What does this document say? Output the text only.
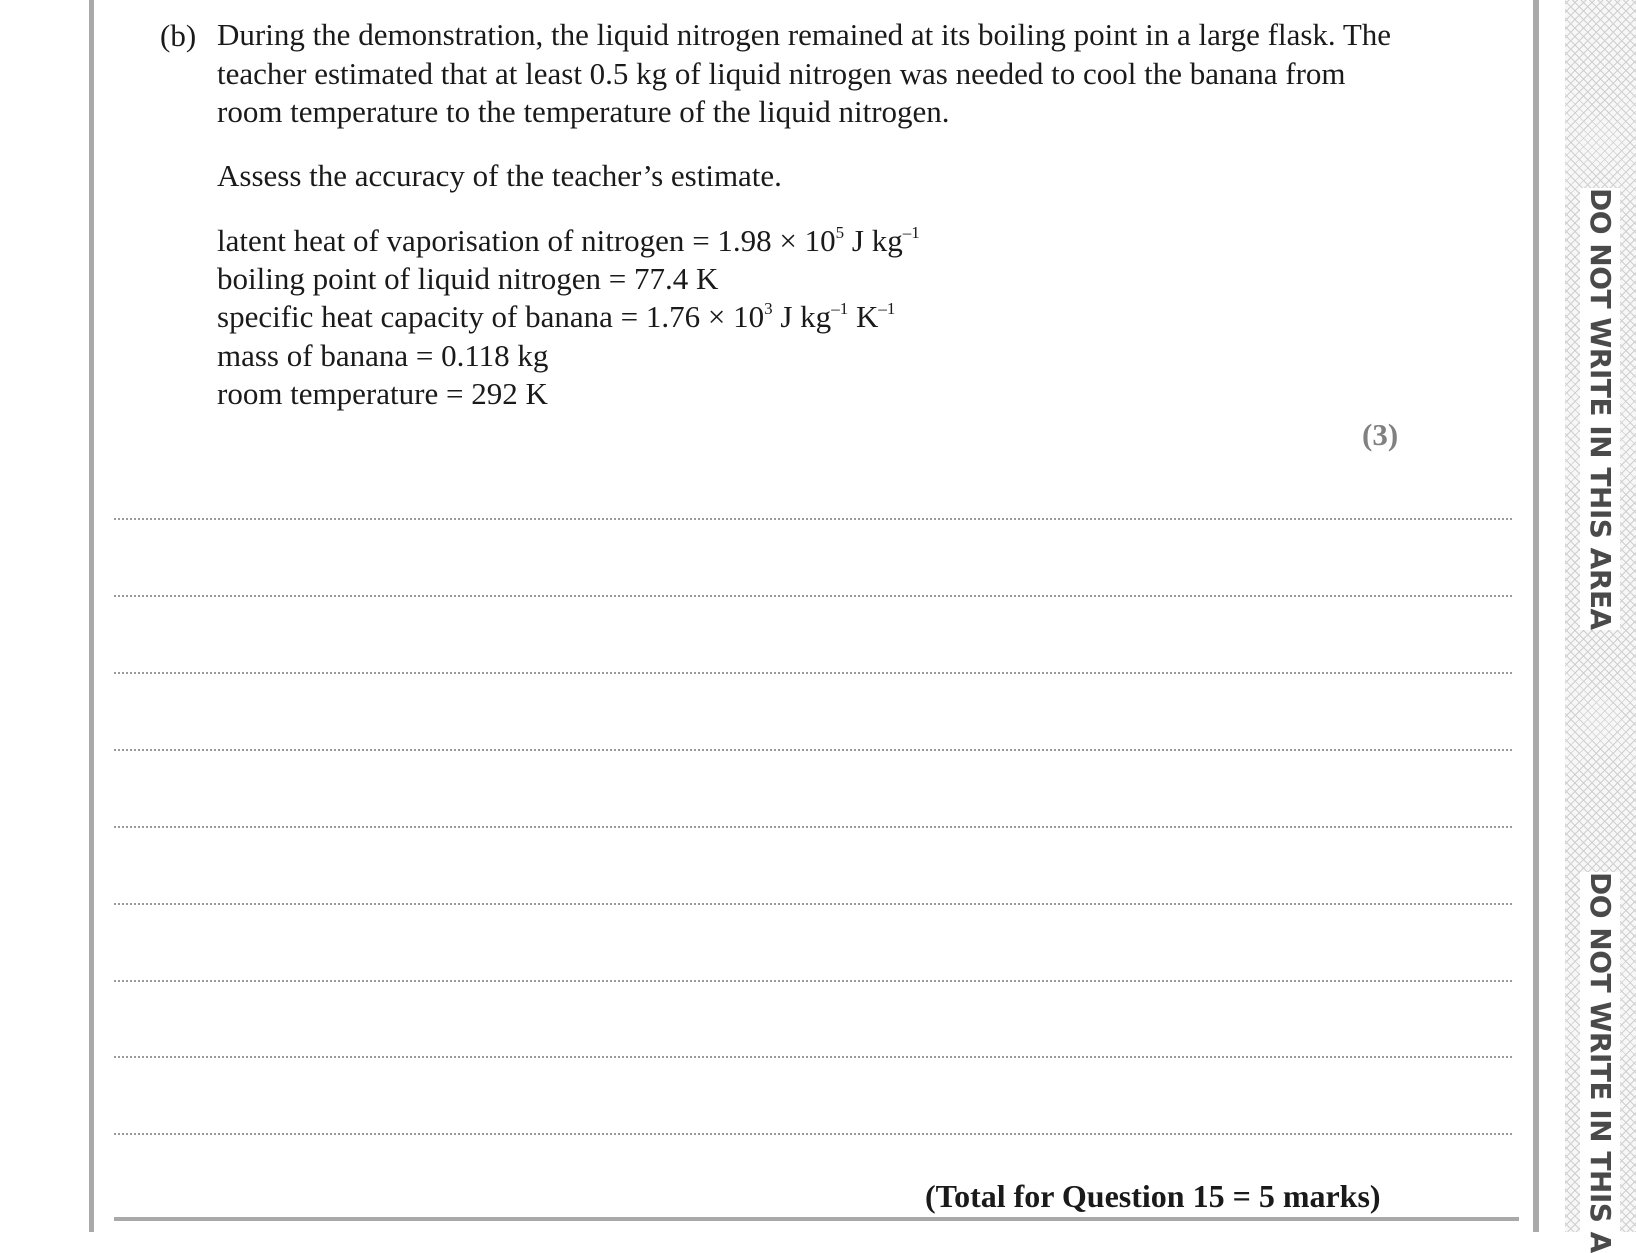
DO NOT WRITE IN THIS AREA
DO NOT WRITE IN THIS A
(b) During the demonstration, the liquid nitrogen remained at its boiling point in a large flask. The teacher estimated that at least 0.5 kg of liquid nitrogen was needed to cool the banana from room temperature to the temperature of the liquid nitrogen.
Assess the accuracy of the teacher’s estimate.
latent heat of vaporisation of nitrogen = $1.98 \times 10^5$ J $kg^{-1}$
boiling point of liquid nitrogen = 77.4 K
specific heat capacity of banana = $1.76 \times 10^3$ J $kg^{-1}$ $K^{-1}$
mass of banana = 0.118 kg
room temperature = 292 K
(3)
(Total for Question 15 = 5 marks)
